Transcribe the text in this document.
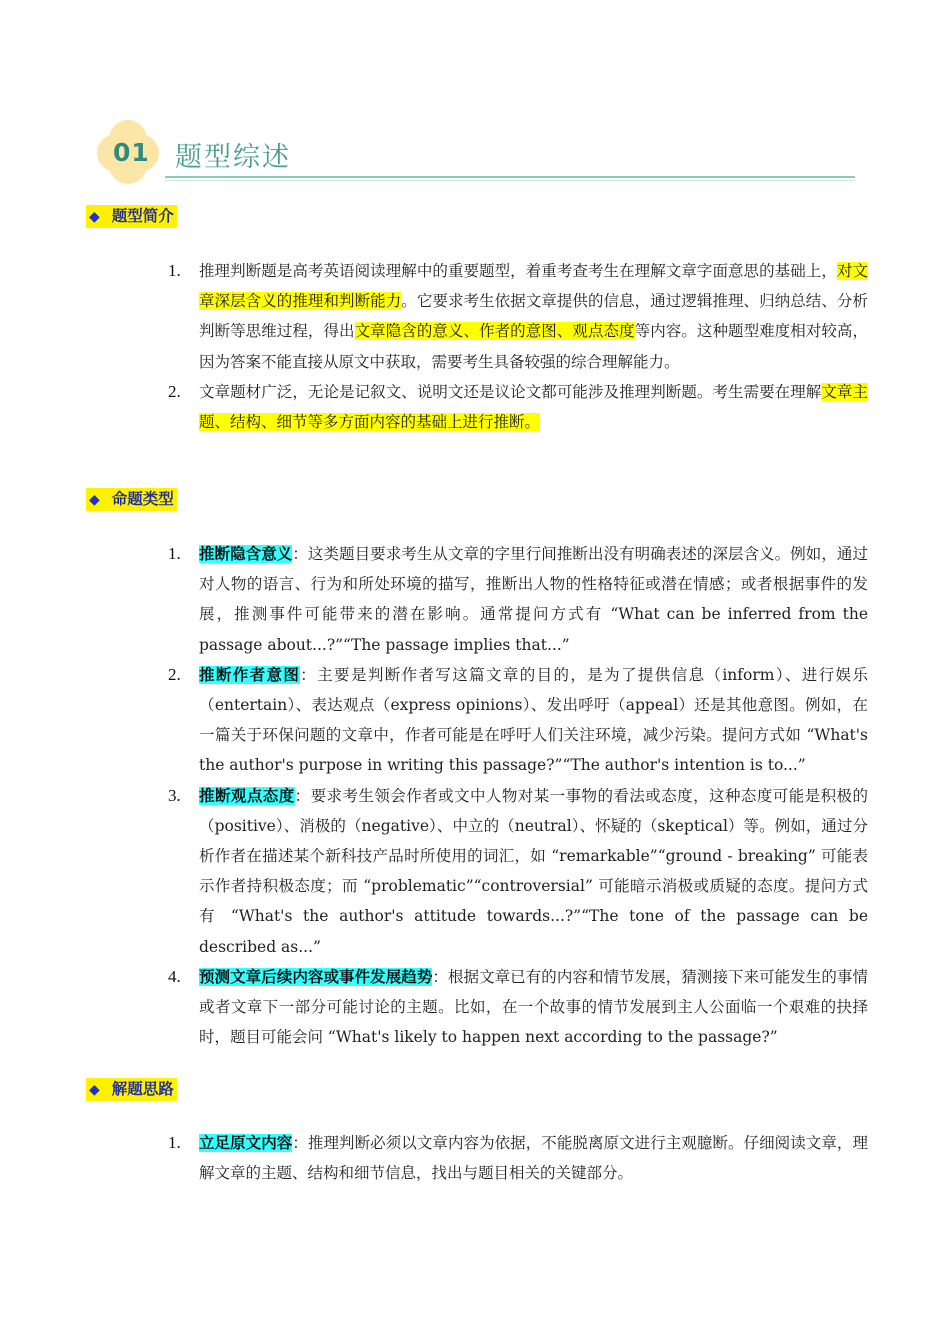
01 题型综述
◆ 题型简介
1. 推理判断题是高考英语阅读理解中的重要题型，着重考查考生在理解文章字面意思的基础上，对文章深层含义的推理和判断能力。它要求考生依据文章提供的信息，通过逻辑推理、归纳总结、分析判断等思维过程，得出文章隐含的意义、作者的意图、观点态度等内容。这种题型难度相对较高，因为答案不能直接从原文中获取，需要考生具备较强的综合理解能力。
2. 文章题材广泛，无论是记叙文、说明文还是议论文都可能涉及推理判断题。考生需要在理解文章主题、结构、细节等多方面内容的基础上进行推断。
◆ 命题类型
1. 推断隐含意义：这类题目要求考生从文章的字里行间推断出没有明确表述的深层含义。例如，通过对人物的语言、行为和所处环境的描写，推断出人物的性格特征或潜在情感；或者根据事件的发展，推测事件可能带来的潜在影响。通常提问方式有 “What can be inferred from the passage about...?”“The passage implies that...”
2. 推断作者意图：主要是判断作者写这篇文章的目的，是为了提供信息（inform）、进行娱乐（entertain）、表达观点（express opinions）、发出呼吁（appeal）还是其他意图。例如，在一篇关于环保问题的文章中，作者可能是在呼吁人们关注环境，减少污染。提问方式如 “What's the author's purpose in writing this passage?”“The author's intention is to...”
3. 推断观点态度：要求考生领会作者或文中人物对某一事物的看法或态度，这种态度可能是积极的（positive）、消极的（negative）、中立的（neutral）、怀疑的（skeptical）等。例如，通过分析作者在描述某个新科技产品时所使用的词汇，如 “remarkable”“ground - breaking” 可能表示作者持积极态度；而 “problematic”“controversial” 可能暗示消极或质疑的态度。提问方式有 “What's the author's attitude towards...?”“The tone of the passage can be described as...”
4. 预测文章后续内容或事件发展趋势：根据文章已有的内容和情节发展，猜测接下来可能发生的事情或者文章下一部分可能讨论的主题。比如，在一个故事的情节发展到主人公面临一个艰难的抉择时，题目可能会问 “What's likely to happen next according to the passage?”
◆ 解题思路
1. 立足原文内容：推理判断必须以文章内容为依据，不能脱离原文进行主观臆断。仔细阅读文章，理解文章的主题、结构和细节信息，找出与题目相关的关键部分。
